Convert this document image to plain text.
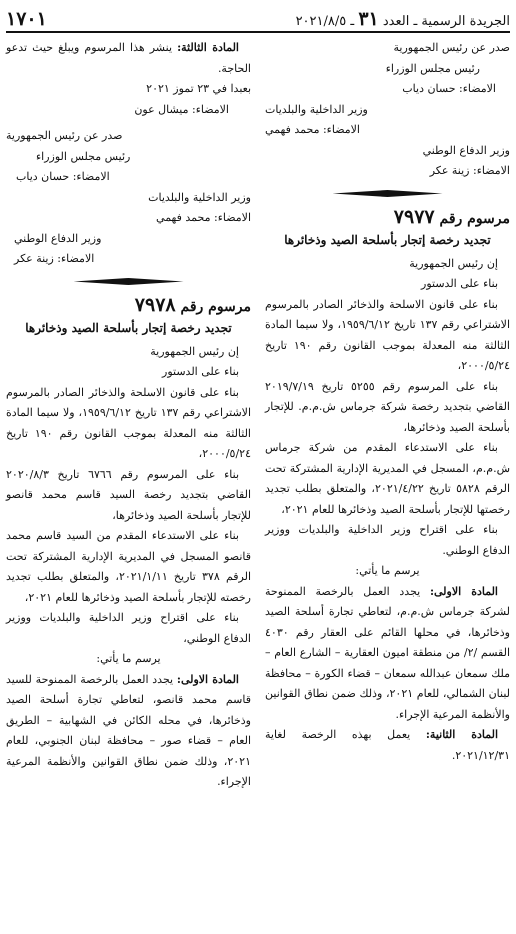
الجريدة الرسمية ـ العدد ٣١ ـ ٢٠٢١/٨/٥
١٧٠١

صدر عن رئيس الجمهورية

رئيس مجلس الوزراء

الامضاء: حسان دياب

وزير الداخلية والبلديات

الامضاء: محمد فهمي

وزير الدفاع الوطني

الامضاء: زينة عكر

مرسوم رقم ٧٩٧٧
تجديد رخصة إتجار بأسلحة الصيد وذخائرها

إن رئيس الجمهورية

بناء على الدستور

بناء على قانون الاسلحة والذخائر الصادر بالمرسوم الاشتراعي رقم ١٣٧ تاريخ ١٩٥٩/٦/١٢، ولا سيما المادة الثالثة منه المعدلة بموجب القانون رقم ١٩٠ تاريخ ٢٠٠٠/٥/٢٤،

بناء على المرسوم رقم ٥٢٥٥ تاريخ ٢٠١٩/٧/١٩ القاضي بتجديد رخصة شركة جرماس ش.م.م. للإتجار بأسلحة الصيد وذخائرها،

بناء على الاستدعاء المقدم من شركة جرماس ش.م.م، المسجل في المديرية الإدارية المشتركة تحت الرقم ٥٨٢٨ تاريخ ٢٠٢١/٤/٢٢، والمتعلق بطلب تجديد رخصتها للإتجار بأسلحة الصيد وذخائرها للعام ٢٠٢١،

بناء على اقتراح وزير الداخلية والبلديات ووزير الدفاع الوطني.

يرسم ما يأتي:

المادة الاولى: يجدد العمل بالرخصة الممنوحة لشركة جرماس ش.م.م، لتعاطي تجارة أسلحة الصيد وذخائرها، في محلها القائم على العقار رقم ٤٠٣٠ القسم /٢/ من منطقة اميون العقارية – الشارع العام – ملك سمعان عبدالله سمعان – قضاء الكورة – محافظة لبنان الشمالي، للعام ٢٠٢١، وذلك ضمن نطاق القوانين والأنظمة المرعية الإجراء.

المادة الثانية: يعمل بهذه الرخصة لغاية ٢٠٢١/١٢/٣١.

المادة الثالثة: ينشر هذا المرسوم ويبلغ حيث تدعو الحاجة.

بعبدا في ٢٣ تموز ٢٠٢١

الامضاء: ميشال عون

صدر عن رئيس الجمهورية

رئيس مجلس الوزراء

الامضاء: حسان دياب

وزير الداخلية والبلديات

الامضاء: محمد فهمي

وزير الدفاع الوطني

الامضاء: زينة عكر

مرسوم رقم ٧٩٧٨
تجديد رخصة إتجار بأسلحة الصيد وذخائرها

إن رئيس الجمهورية

بناء على الدستور

بناء على قانون الاسلحة والذخائر الصادر بالمرسوم الاشتراعي رقم ١٣٧ تاريخ ١٩٥٩/٦/١٢، ولا سيما المادة الثالثة منه المعدلة بموجب القانون رقم ١٩٠ تاريخ ٢٠٠٠/٥/٢٤،

بناء على المرسوم رقم ٦٧٦٦ تاريخ ٢٠٢٠/٨/٣ القاضي بتجديد رخصة السيد قاسم محمد قانصو للإتجار بأسلحة الصيد وذخائرها،

بناء على الاستدعاء المقدم من السيد قاسم محمد قانصو المسجل في المديرية الإدارية المشتركة تحت الرقم ٣٧٨ تاريخ ٢٠٢١/١/١١، والمتعلق بطلب تجديد رخصته للإتجار بأسلحة الصيد وذخائرها للعام ٢٠٢١،

بناء على اقتراح وزير الداخلية والبلديات ووزير الدفاع الوطني،

يرسم ما يأتي:

المادة الاولى: يجدد العمل بالرخصة الممنوحة للسيد قاسم محمد قانصو، لتعاطي تجارة أسلحة الصيد وذخائرها، في محله الكائن في الشهابية – الطريق العام – قضاء صور – محافظة لبنان الجنوبي، للعام ٢٠٢١، وذلك ضمن نطاق القوانين والأنظمة المرعية الإجراء.
